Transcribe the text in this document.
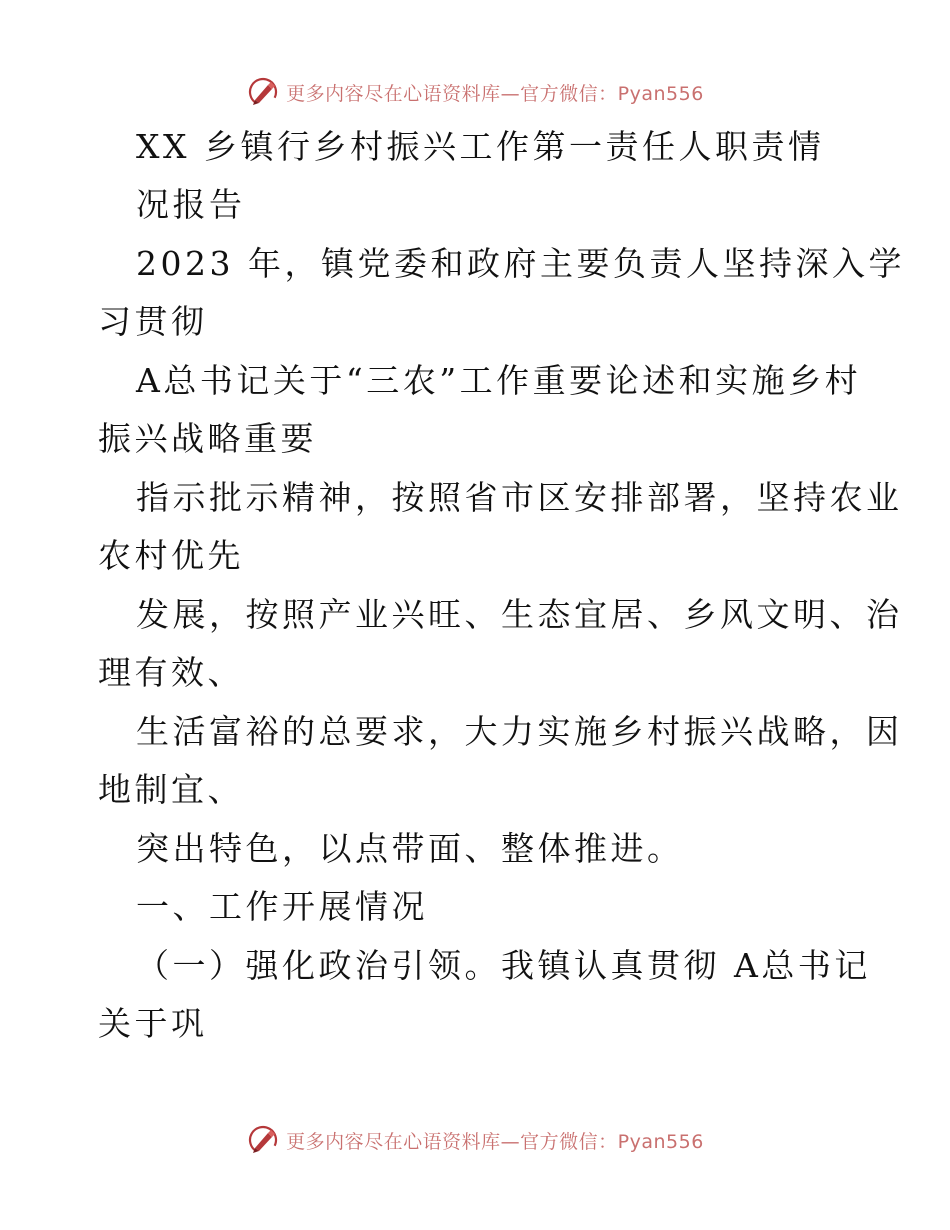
更多内容尽在心语资料库—官方微信：Pyan556
XX 乡镇行乡村振兴工作第一责任人职责情
况报告
2023 年，镇党委和政府主要负责人坚持深入学
习贯彻
A总书记关于“三农”工作重要论述和实施乡村
振兴战略重要
指示批示精神，按照省市区安排部署，坚持农业
农村优先
发展，按照产业兴旺、生态宜居、乡风文明、治
理有效、
生活富裕的总要求，大力实施乡村振兴战略，因
地制宜、
突出特色，以点带面、整体推进。
一、工作开展情况
（一）强化政治引领。我镇认真贯彻 A总书记
关于巩
更多内容尽在心语资料库—官方微信：Pyan556
